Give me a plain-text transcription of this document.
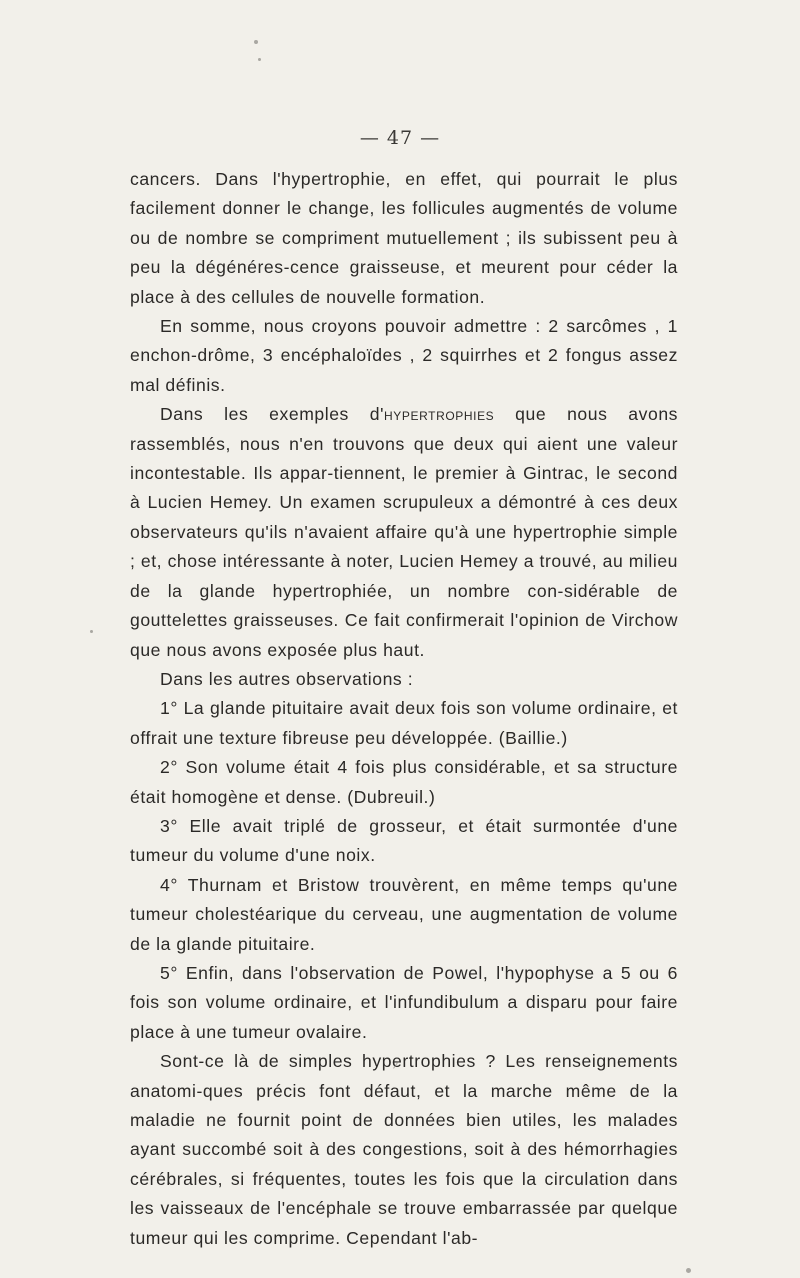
— 47 —

cancers. Dans l'hypertrophie, en effet, qui pourrait le plus facilement donner le change, les follicules augmentés de volume ou de nombre se compriment mutuellement ; ils subissent peu à peu la dégénéres-cence graisseuse, et meurent pour céder la place à des cellules de nouvelle formation.

En somme, nous croyons pouvoir admettre : 2 sarcômes , 1 enchon-drôme, 3 encéphaloïdes , 2 squirrhes et 2 fongus assez mal définis.

Dans les exemples d'hypertrophies que nous avons rassemblés, nous n'en trouvons que deux qui aient une valeur incontestable. Ils appar-tiennent, le premier à Gintrac, le second à Lucien Hemey. Un examen scrupuleux a démontré à ces deux observateurs qu'ils n'avaient affaire qu'à une hypertrophie simple ; et, chose intéressante à noter, Lucien Hemey a trouvé, au milieu de la glande hypertrophiée, un nombre con-sidérable de gouttelettes graisseuses. Ce fait confirmerait l'opinion de Virchow que nous avons exposée plus haut.

Dans les autres observations :

1° La glande pituitaire avait deux fois son volume ordinaire, et offrait une texture fibreuse peu développée. (Baillie.)

2° Son volume était 4 fois plus considérable, et sa structure était homogène et dense. (Dubreuil.)

3° Elle avait triplé de grosseur, et était surmontée d'une tumeur du volume d'une noix.

4° Thurnam et Bristow trouvèrent, en même temps qu'une tumeur cholestéarique du cerveau, une augmentation de volume de la glande pituitaire.

5° Enfin, dans l'observation de Powel, l'hypophyse a 5 ou 6 fois son volume ordinaire, et l'infundibulum a disparu pour faire place à une tumeur ovalaire.

Sont-ce là de simples hypertrophies ? Les renseignements anatomi-ques précis font défaut, et la marche même de la maladie ne fournit point de données bien utiles, les malades ayant succombé soit à des congestions, soit à des hémorrhagies cérébrales, si fréquentes, toutes les fois que la circulation dans les vaisseaux de l'encéphale se trouve embarrassée par quelque tumeur qui les comprime. Cependant l'ab-
